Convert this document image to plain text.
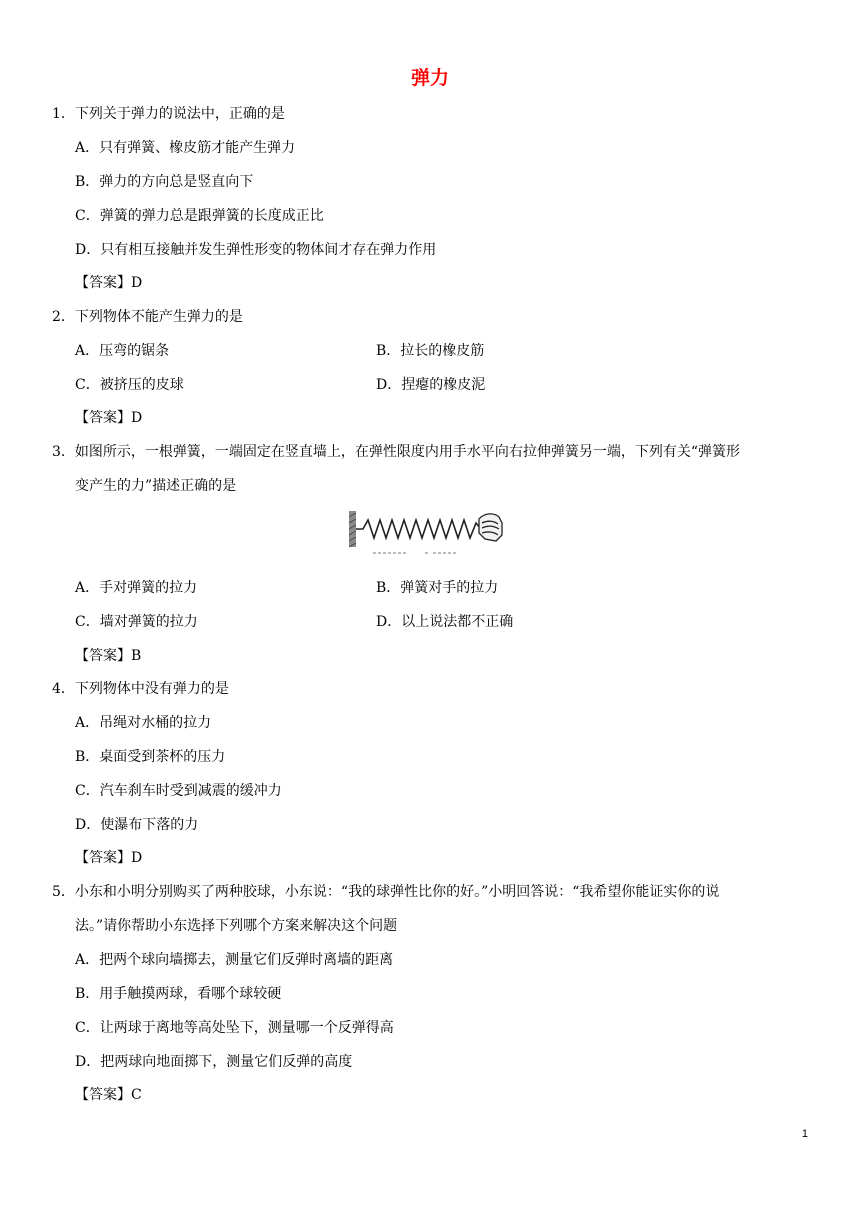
弹力
1．下列关于弹力的说法中，正确的是
A．只有弹簧、橡皮筋才能产生弹力
B．弹力的方向总是竖直向下
C．弹簧的弹力总是跟弹簧的长度成正比
D．只有相互接触并发生弹性形变的物体间才存在弹力作用
【答案】D
2．下列物体不能产生弹力的是
A．压弯的锯条	B．拉长的橡皮筋
C．被挤压的皮球	D．捏瘪的橡皮泥
【答案】D
3．如图所示，一根弹簧，一端固定在竖直墙上，在弹性限度内用手水平向右拉伸弹簧另一端，下列有关“弹簧形
变产生的力”描述正确的是
A．手对弹簧的拉力	B．弹簧对手的拉力
C．墙对弹簧的拉力	D．以上说法都不正确
【答案】B
4．下列物体中没有弹力的是
A．吊绳对水桶的拉力
B．桌面受到茶杯的压力
C．汽车刹车时受到减震的缓冲力
D．使瀑布下落的力
【答案】D
5．小东和小明分别购买了两种胶球，小东说：“我的球弹性比你的好。”小明回答说：“我希望你能证实你的说
法。”请你帮助小东选择下列哪个方案来解决这个问题
A．把两个球向墙掷去，测量它们反弹时离墙的距离
B．用手触摸两球，看哪个球较硬
C．让两球于离地等高处坠下，测量哪一个反弹得高
D．把两球向地面掷下，测量它们反弹的高度
【答案】C
1
